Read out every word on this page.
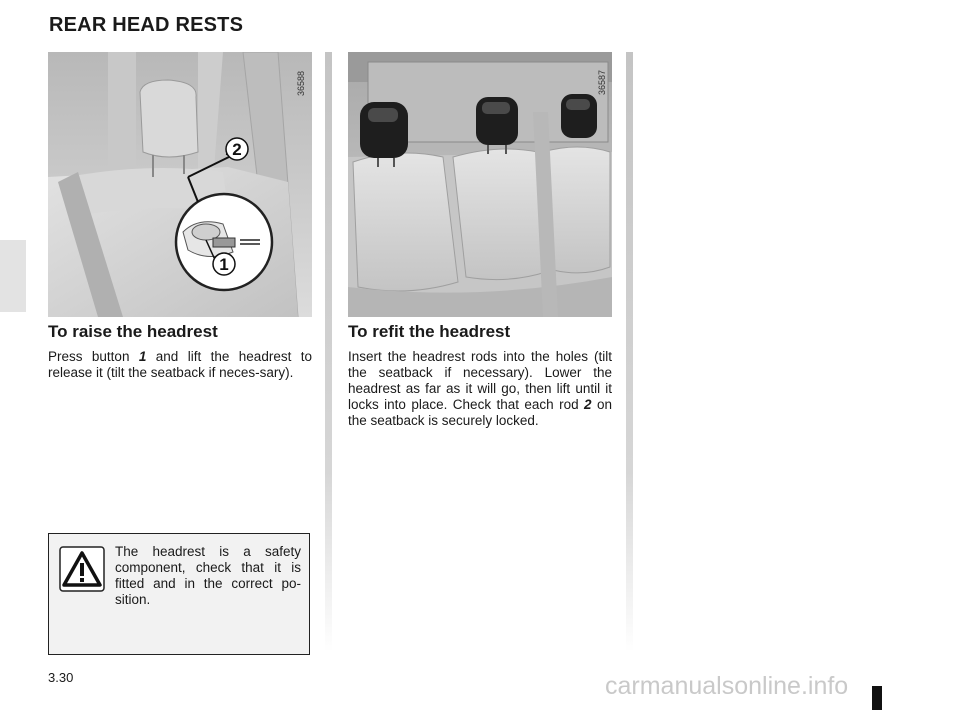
REAR HEAD RESTS
2
1
36588	36587
To raise the headrest

Press button 1 and lift the headrest to release it (tilt the seatback if neces-sary).

To refit the headrest

Insert the headrest rods into the holes (tilt the seatback if necessary). Lower the headrest as far as it will go, then lift until it locks into place. Check that each rod 2 on the seatback is securely locked.

The headrest is a safety component, check that it is fitted and in the correct po-sition.

3.30	carmanualsonline.info
